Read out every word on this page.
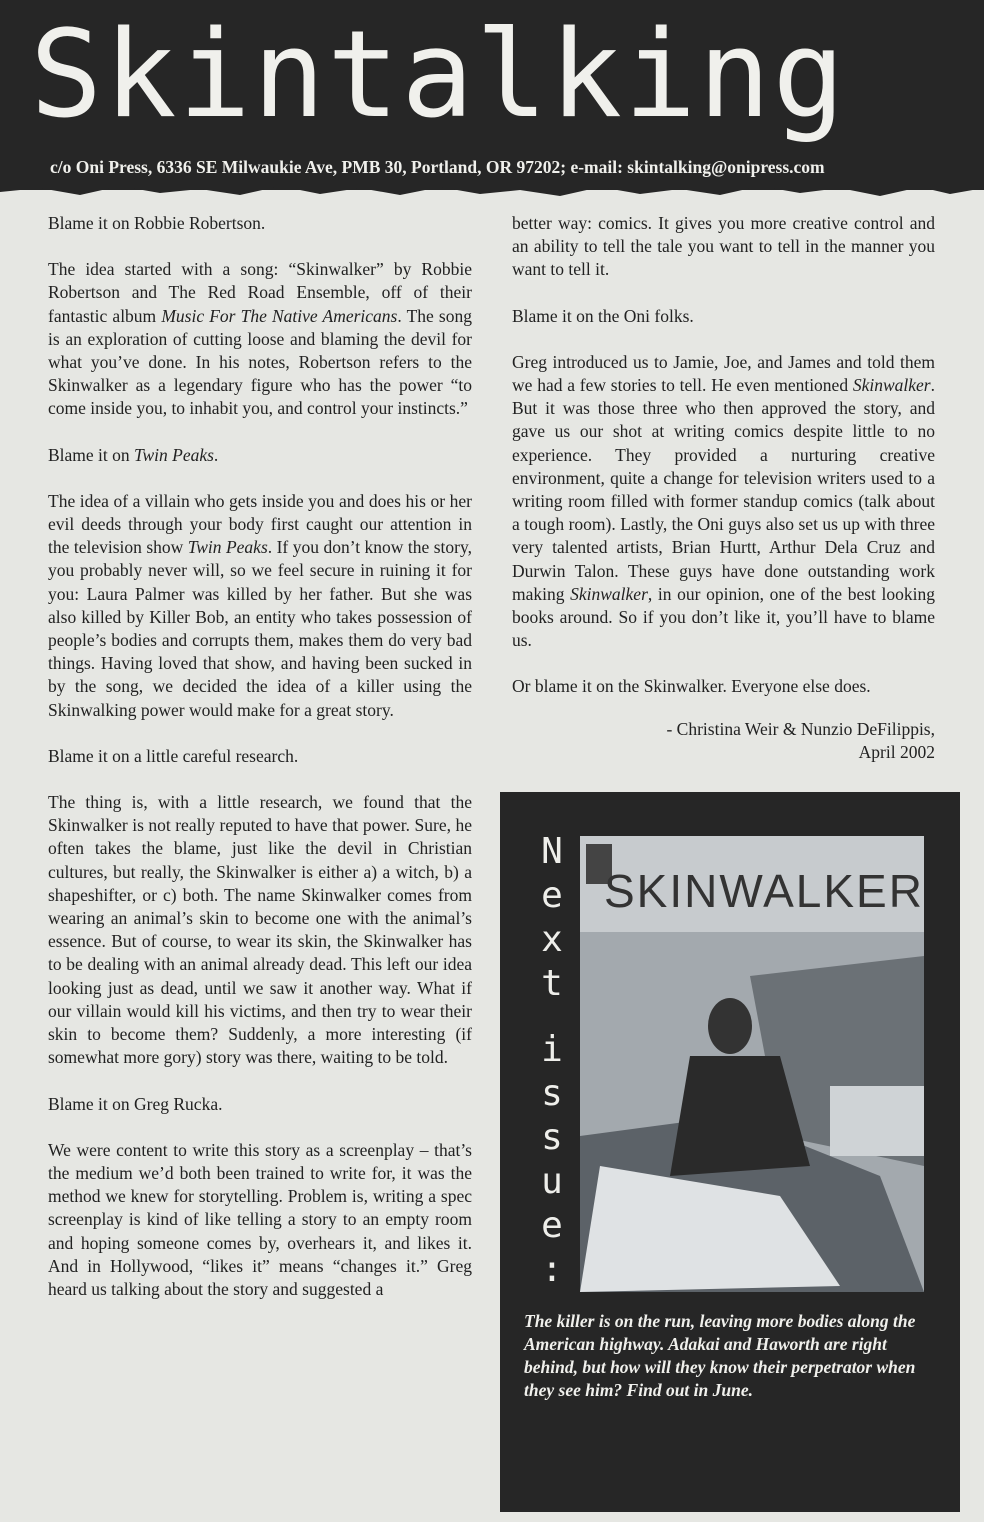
Skintalking
c/o Oni Press, 6336 SE Milwaukie Ave, PMB 30, Portland, OR 97202; e-mail: skintalking@onipress.com

Blame it on Robbie Robertson.

The idea started with a song: “Skinwalker” by Robbie Robertson and The Red Road Ensemble, off of their fantastic album Music For The Native Americans. The song is an exploration of cutting loose and blaming the devil for what you’ve done. In his notes, Robertson refers to the Skinwalker as a legendary figure who has the power “to come inside you, to inhabit you, and control your instincts.”

Blame it on Twin Peaks.

The idea of a villain who gets inside you and does his or her evil deeds through your body first caught our attention in the television show Twin Peaks. If you don’t know the story, you probably never will, so we feel secure in ruining it for you: Laura Palmer was killed by her father. But she was also killed by Killer Bob, an entity who takes possession of people’s bodies and corrupts them, makes them do very bad things. Having loved that show, and having been sucked in by the song, we decided the idea of a killer using the Skinwalking power would make for a great story.

Blame it on a little careful research.

The thing is, with a little research, we found that the Skinwalker is not really reputed to have that power. Sure, he often takes the blame, just like the devil in Christian cultures, but really, the Skinwalker is either a) a witch, b) a shapeshifter, or c) both. The name Skinwalker comes from wearing an animal’s skin to become one with the animal’s essence. But of course, to wear its skin, the Skinwalker has to be dealing with an animal already dead. This left our idea looking just as dead, until we saw it another way. What if our villain would kill his victims, and then try to wear their skin to become them? Suddenly, a more interesting (if somewhat more gory) story was there, waiting to be told.

Blame it on Greg Rucka.

We were content to write this story as a screenplay – that’s the medium we’d both been trained to write for, it was the method we knew for storytelling. Problem is, writing a spec screenplay is kind of like telling a story to an empty room and hoping someone comes by, overhears it, and likes it. And in Hollywood, “likes it” means “changes it.” Greg heard us talking about the story and suggested a

better way: comics. It gives you more creative control and an ability to tell the tale you want to tell in the manner you want to tell it.

Blame it on the Oni folks.

Greg introduced us to Jamie, Joe, and James and told them we had a few stories to tell. He even mentioned Skinwalker. But it was those three who then approved the story, and gave us our shot at writing comics despite little to no experience. They provided a nurturing creative environment, quite a change for television writers used to a writing room filled with former standup comics (talk about a tough room). Lastly, the Oni guys also set us up with three very talented artists, Brian Hurtt, Arthur Dela Cruz and Durwin Talon. These guys have done outstanding work making Skinwalker, in our opinion, one of the best looking books around. So if you don’t like it, you’ll have to blame us.

Or blame it on the Skinwalker. Everyone else does.

- Christina Weir & Nunzio DeFilippis,
April 2002
N
e
x
t
i
s
s
u
e
:
SKINWALKER
The killer is on the run, leaving more bodies along the American highway. Adakai and Haworth are right behind, but how will they know their perpetrator when they see him? Find out in June.
